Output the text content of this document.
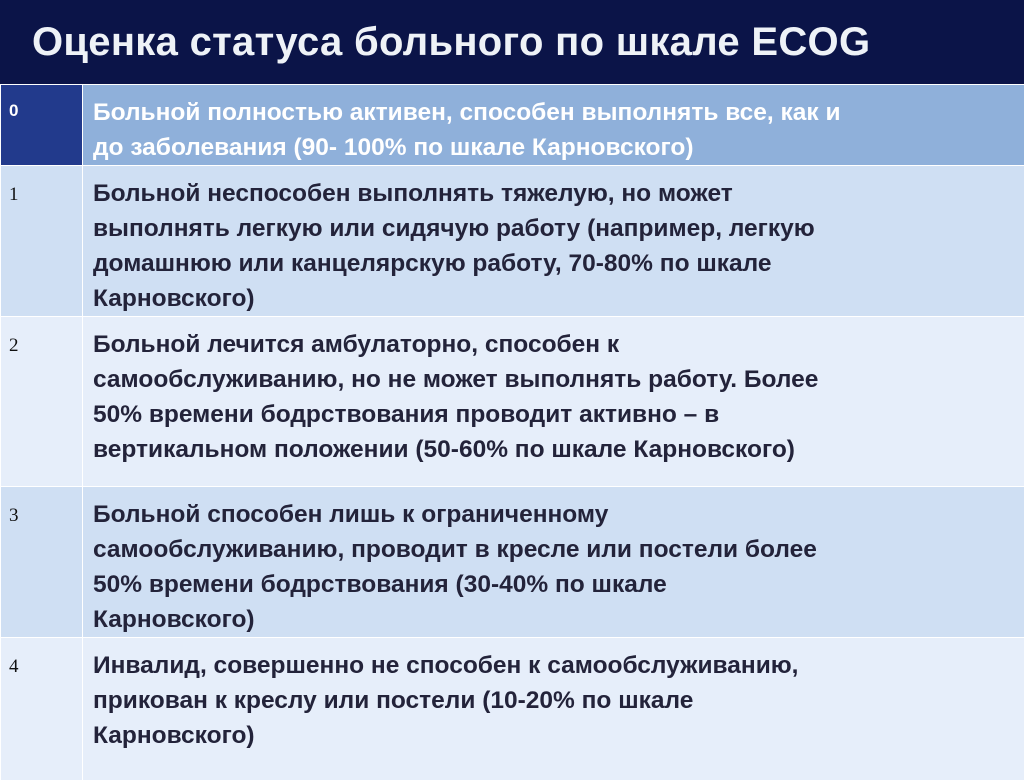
Оценка статуса больного по шкале ECOG
0	Больной полностью активен, способен выполнять все, как и
до заболевания (90- 100% по шкале Карновского)

1	Больной неспособен выполнять тяжелую, но может
выполнять легкую или сидячую работу (например, легкую
домашнюю или канцелярскую работу, 70-80% по шкале
Карновского)

2	Больной лечится амбулаторно, способен к
самообслуживанию, но не может выполнять работу. Более
50% времени бодрствования проводит активно – в
вертикальном положении (50-60% по шкале Карновского)

3	Больной способен лишь к ограниченному
самообслуживанию, проводит в кресле или постели более
50% времени бодрствования (30-40% по шкале
Карновского)

4	Инвалид, совершенно не способен к самообслуживанию,
прикован к креслу или постели (10-20% по шкале
Карновского)
